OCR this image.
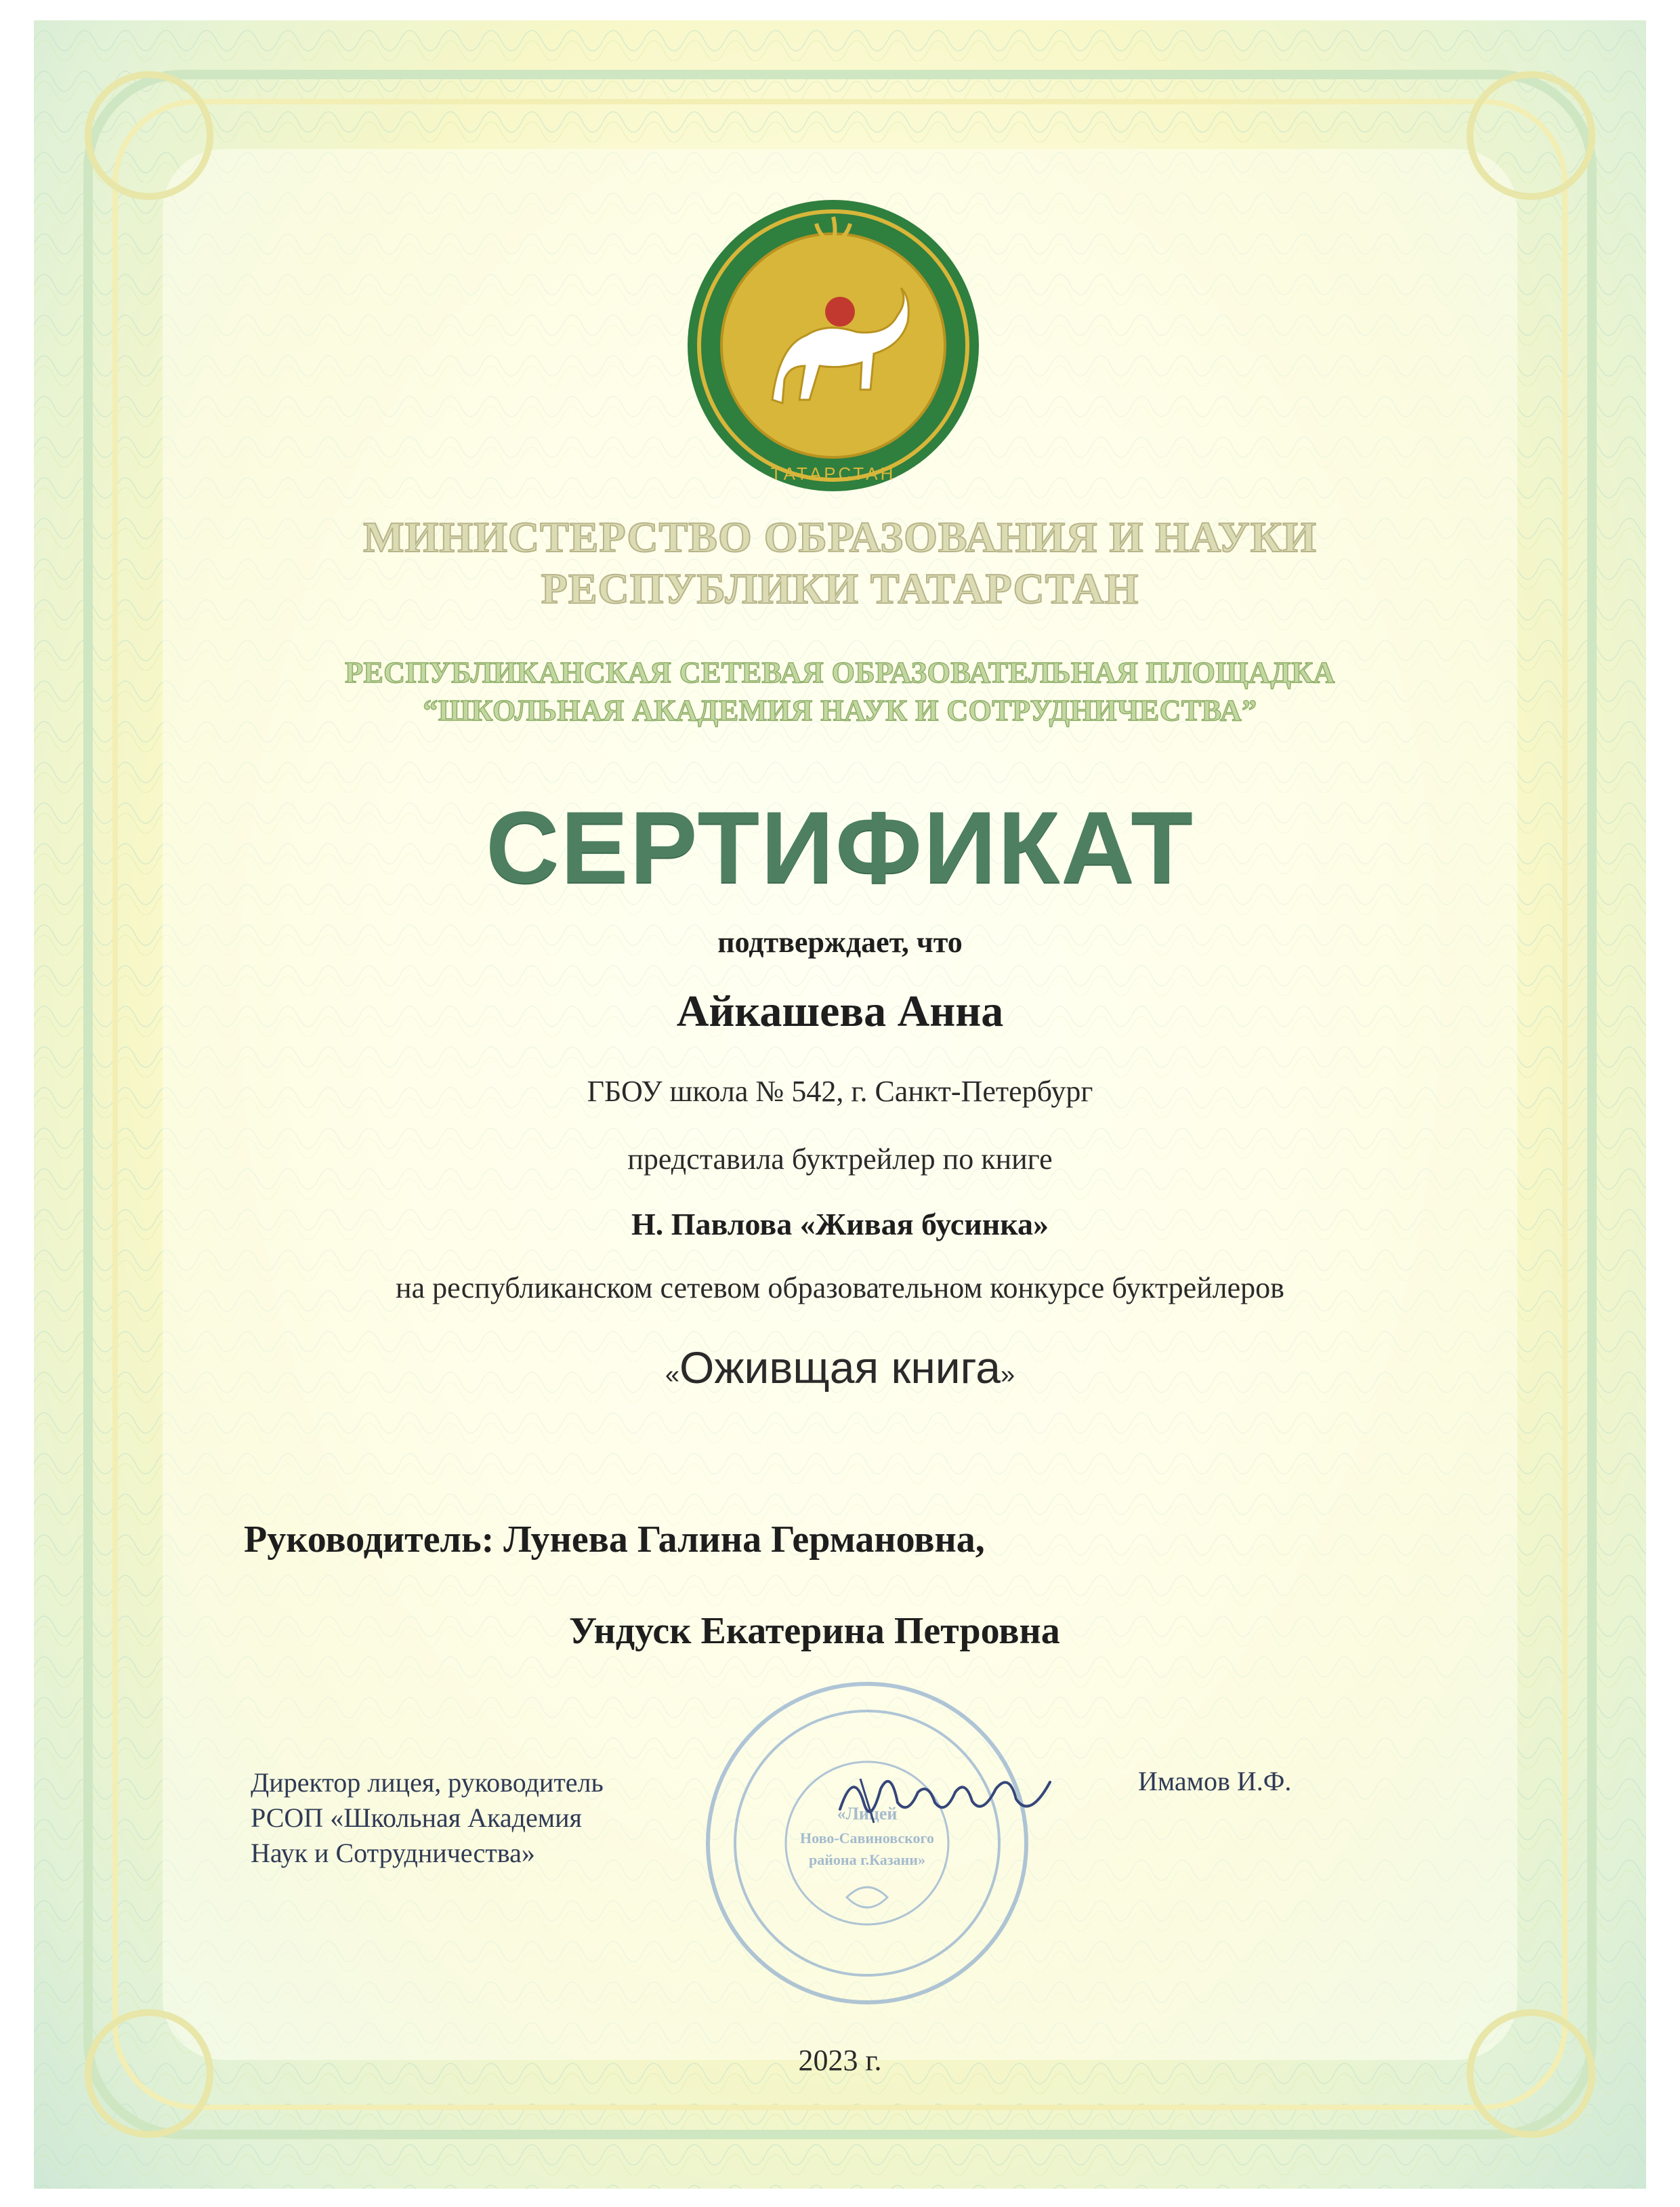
ТАТАРСТАН
МИНИСТЕРСТВО ОБРАЗОВАНИЯ И НАУКИ
РЕСПУБЛИКИ ТАТАРСТАН
РЕСПУБЛИКАНСКАЯ СЕТЕВАЯ ОБРАЗОВАТЕЛЬНАЯ ПЛОЩАДКА
“ШКОЛЬНАЯ АКАДЕМИЯ НАУК И СОТРУДНИЧЕСТВА”
СЕРТИФИКАТ
подтверждает, что
Айкашева Анна
ГБОУ школа № 542, г. Санкт-Петербург
представила буктрейлер по книге
Н. Павлова «Живая бусинка»
на республиканском сетевом образовательном конкурсе буктрейлеров
«Оживщая книга»
Руководитель: Лунева Галина Германовна,
Ундуск Екатерина Петровна
«Лицей
Ново-Савиновского
района г.Казани»
Директор лицея, руководитель
РСОП «Школьная Академия
Наук и Сотрудничества»
Имамов И.Ф.
2023 г.
